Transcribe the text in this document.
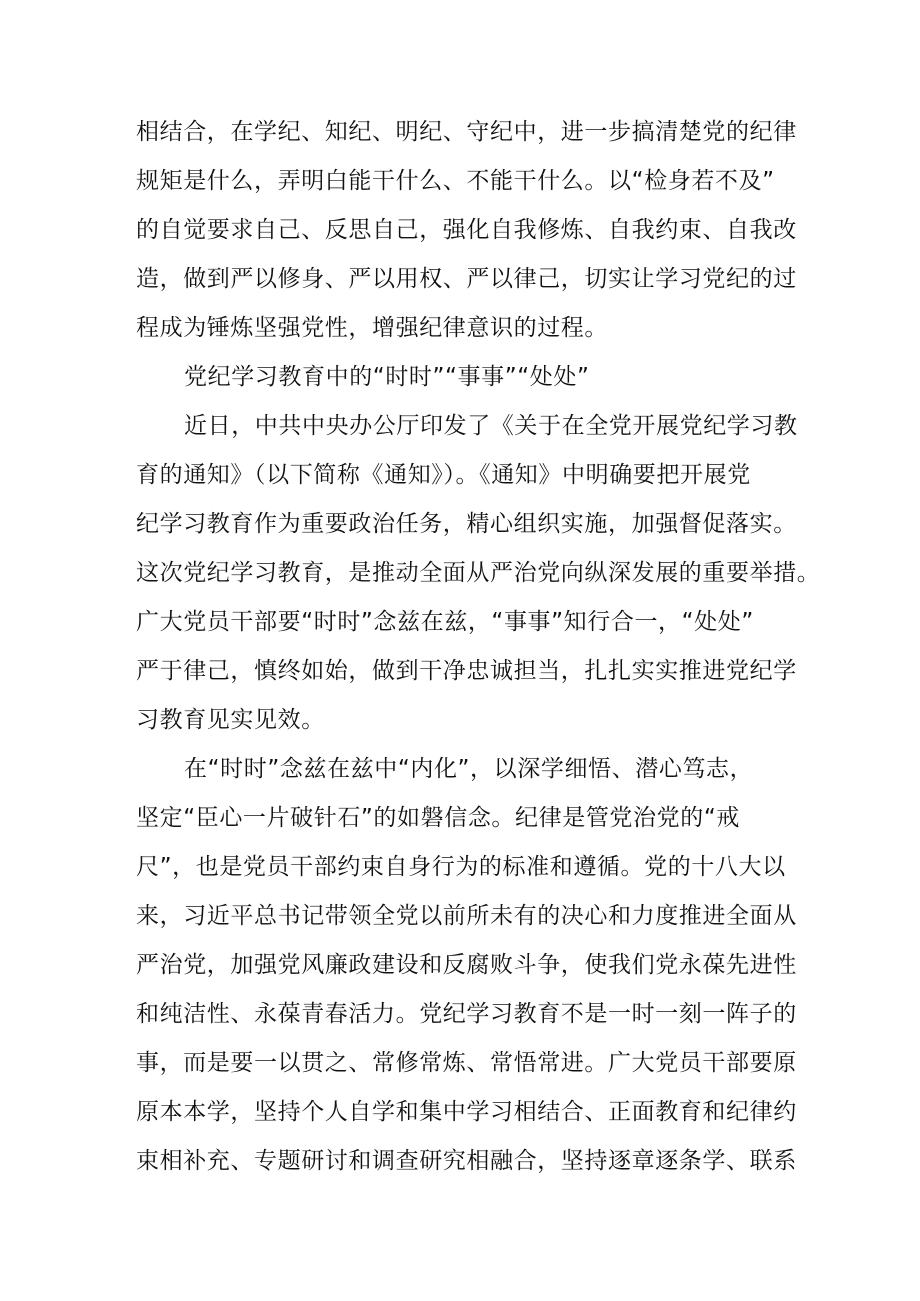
相结合，在学纪、知纪、明纪、守纪中，进一步搞清楚党的纪律
规矩是什么，弄明白能干什么、不能干什么。以“检身若不及”
的自觉要求自己、反思自己，强化自我修炼、自我约束、自我改
造，做到严以修身、严以用权、严以律己，切实让学习党纪的过
程成为锤炼坚强党性，增强纪律意识的过程。
党纪学习教育中的“时时”“事事”“处处”
近日，中共中央办公厅印发了《关于在全党开展党纪学习教
育的通知》（以下简称《通知》）。《通知》中明确要把开展党
纪学习教育作为重要政治任务，精心组织实施，加强督促落实。
这次党纪学习教育，是推动全面从严治党向纵深发展的重要举措。
广大党员干部要“时时”念兹在兹，“事事”知行合一，“处处”
严于律己，慎终如始，做到干净忠诚担当，扎扎实实推进党纪学
习教育见实见效。
在“时时”念兹在兹中“内化”，以深学细悟、潜心笃志，
坚定“臣心一片破针石”的如磐信念。纪律是管党治党的“戒
尺”，也是党员干部约束自身行为的标准和遵循。党的十八大以
来，习近平总书记带领全党以前所未有的决心和力度推进全面从
严治党，加强党风廉政建设和反腐败斗争，使我们党永葆先进性
和纯洁性、永葆青春活力。党纪学习教育不是一时一刻一阵子的
事，而是要一以贯之、常修常炼、常悟常进。广大党员干部要原
原本本学，坚持个人自学和集中学习相结合、正面教育和纪律约
束相补充、专题研讨和调查研究相融合，坚持逐章逐条学、联系
